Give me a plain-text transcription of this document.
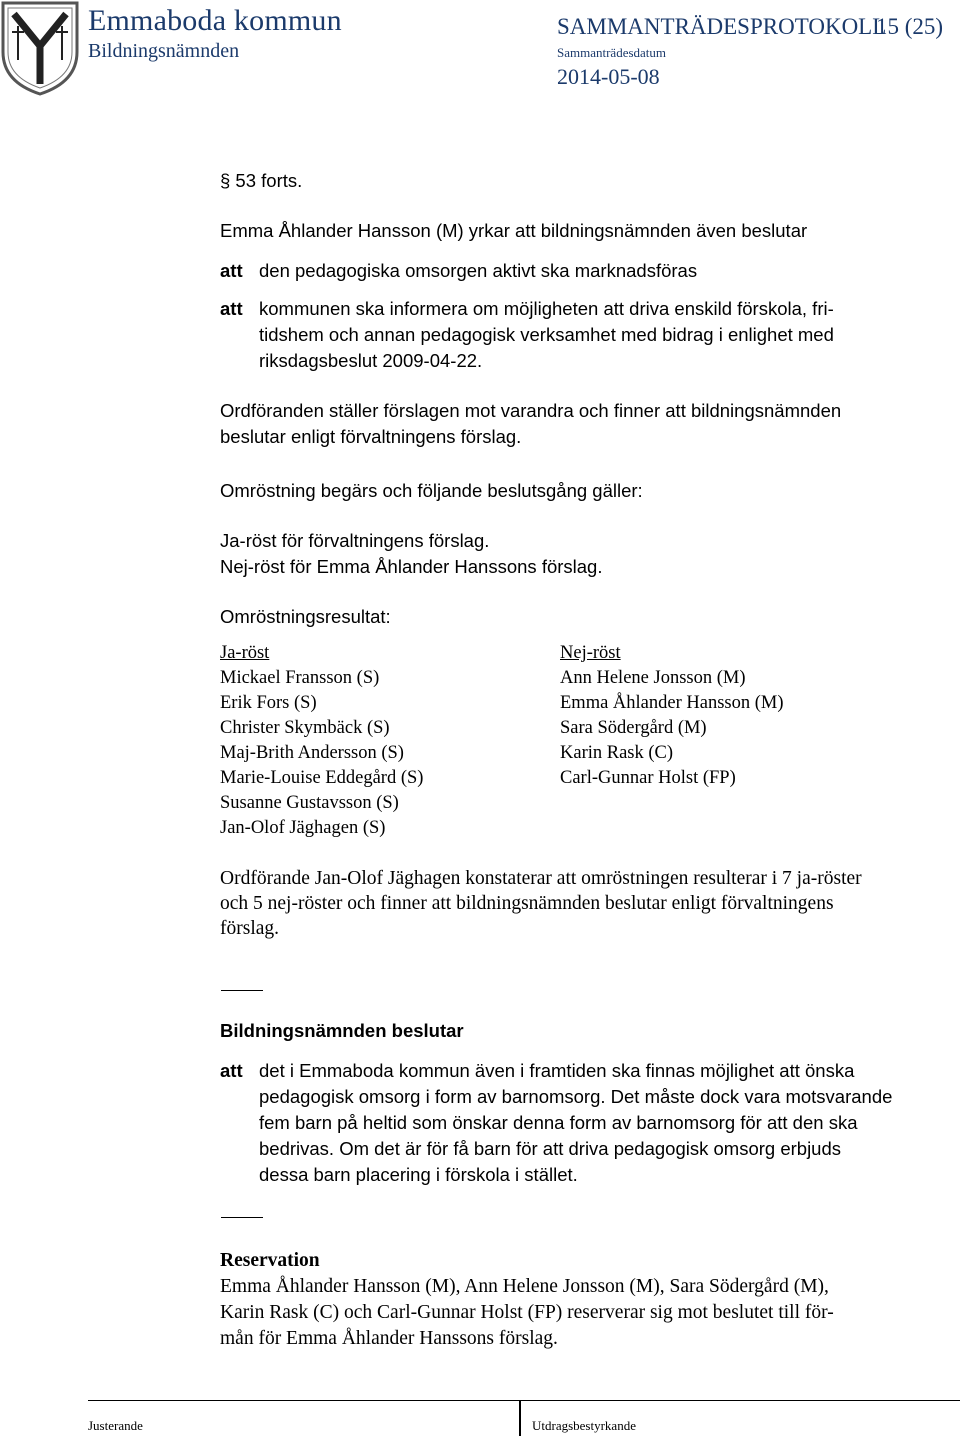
Emmaboda kommun
Bildningsnämnden
SAMMANTRÄDESPROTOKOLL
15 (25)
Sammanträdesdatum
2014-05-08
§ 53 forts.
Emma Åhlander Hansson (M) yrkar att bildningsnämnden även beslutar
att den pedagogiska omsorgen aktivt ska marknadsföras
att kommunen ska informera om möjligheten att driva enskild förskola, fri-
tidshem och annan pedagogisk verksamhet med bidrag i enlighet med
riksdagsbeslut 2009-04-22.
Ordföranden ställer förslagen mot varandra och finner att bildningsnämnden
beslutar enligt förvaltningens förslag.
Omröstning begärs och följande beslutsgång gäller:
Ja-röst för förvaltningens förslag.
Nej-röst för Emma Åhlander Hanssons förslag.
Omröstningsresultat:
Ja-röst
Mickael Fransson (S)
Erik Fors (S)
Christer Skymbäck (S)
Maj-Brith Andersson (S)
Marie-Louise Eddegård (S)
Susanne Gustavsson (S)
Jan-Olof Jäghagen (S)
Nej-röst
Ann Helene Jonsson (M)
Emma Åhlander Hansson (M)
Sara Södergård (M)
Karin Rask (C)
Carl-Gunnar Holst (FP)
Ordförande Jan-Olof Jäghagen konstaterar att omröstningen resulterar i 7 ja-röster
och 5 nej-röster och finner att bildningsnämnden beslutar enligt förvaltningens
förslag.
Bildningsnämnden beslutar
att det i Emmaboda kommun även i framtiden ska finnas möjlighet att önska
pedagogisk omsorg i form av barnomsorg. Det måste dock vara motsvarande
fem barn på heltid som önskar denna form av barnomsorg för att den ska
bedrivas. Om det är för få barn för att driva pedagogisk omsorg erbjuds
dessa barn placering i förskola i stället.
Reservation
Emma Åhlander Hansson (M), Ann Helene Jonsson (M), Sara Södergård (M),
Karin Rask (C) och Carl-Gunnar Holst (FP) reserverar sig mot beslutet till för-
mån för Emma Åhlander Hanssons förslag.
Justerande	Utdragsbestyrkande
